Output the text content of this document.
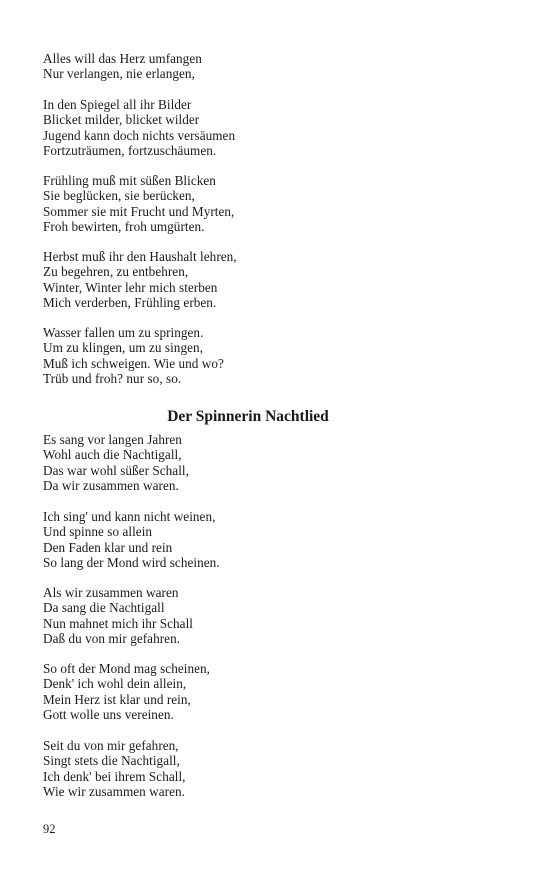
Alles will das Herz umfangen
Nur verlangen, nie erlangen,
In den Spiegel all ihr Bilder
Blicket milder, blicket wilder
Jugend kann doch nichts versäumen
Fortzuträumen, fortzuschäumen.
Frühling muß mit süßen Blicken
Sie beglücken, sie berücken,
Sommer sie mit Frucht und Myrten,
Froh bewirten, froh umgürten.
Herbst muß ihr den Haushalt lehren,
Zu begehren, zu entbehren,
Winter, Winter lehr mich sterben
Mich verderben, Frühling erben.
Wasser fallen um zu springen.
Um zu klingen, um zu singen,
Muß ich schweigen. Wie und wo?
Trüb und froh? nur so, so.
Der Spinnerin Nachtlied
Es sang vor langen Jahren
Wohl auch die Nachtigall,
Das war wohl süßer Schall,
Da wir zusammen waren.
Ich sing' und kann nicht weinen,
Und spinne so allein
Den Faden klar und rein
So lang der Mond wird scheinen.
Als wir zusammen waren
Da sang die Nachtigall
Nun mahnet mich ihr Schall
Daß du von mir gefahren.
So oft der Mond mag scheinen,
Denk' ich wohl dein allein,
Mein Herz ist klar und rein,
Gott wolle uns vereinen.
Seit du von mir gefahren,
Singt stets die Nachtigall,
Ich denk' bei ihrem Schall,
Wie wir zusammen waren.
92
